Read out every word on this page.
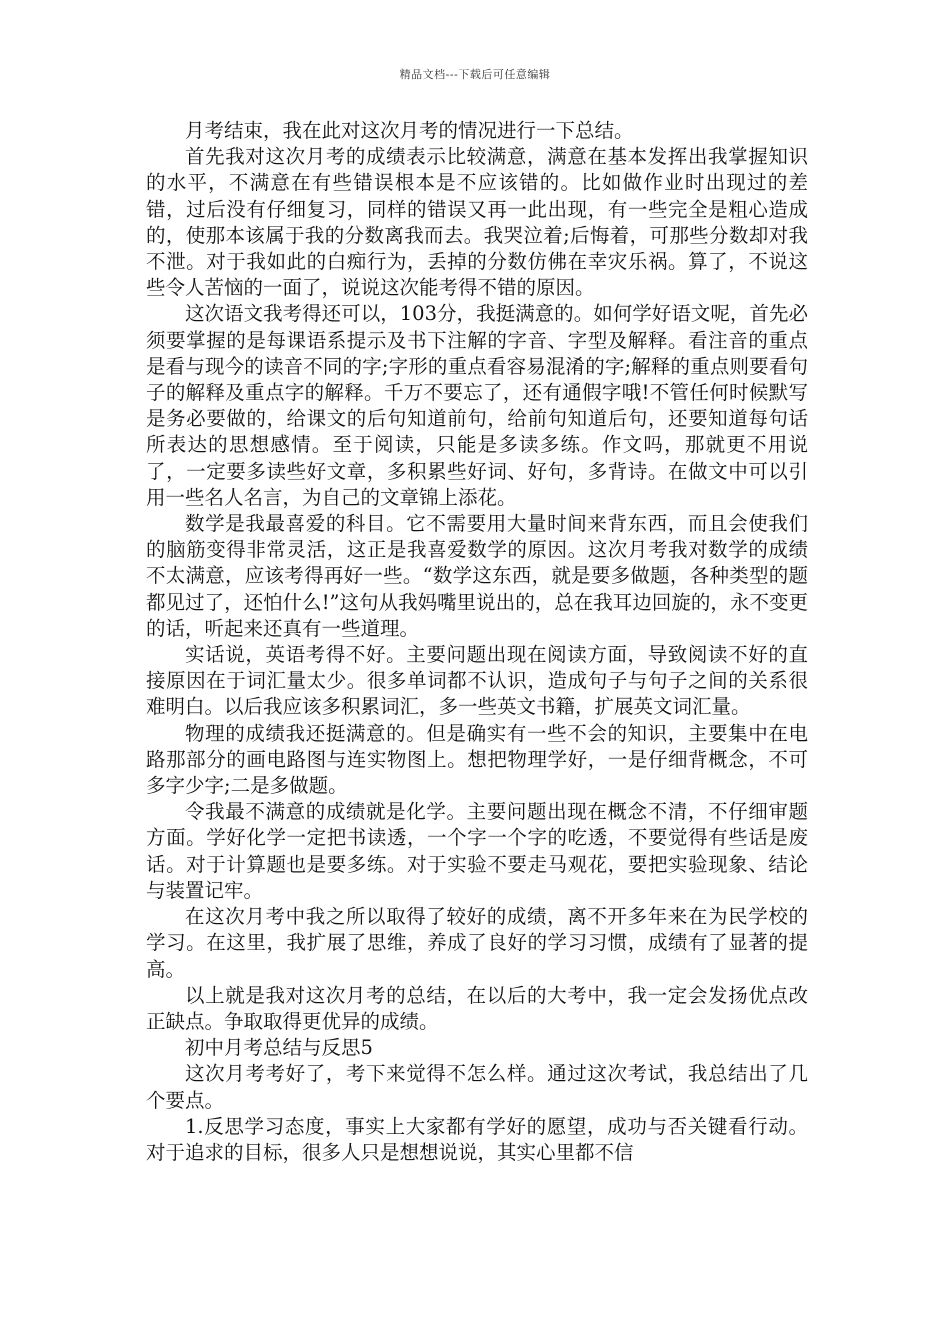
精品文档---下载后可任意编辑

月考结束，我在此对这次月考的情况进行一下总结。

首先我对这次月考的成绩表示比较满意，满意在基本发挥出我掌握知识的水平，不满意在有些错误根本是不应该错的。比如做作业时出现过的差错，过后没有仔细复习，同样的错误又再一此出现，有一些完全是粗心造成的，使那本该属于我的分数离我而去。我哭泣着;后悔着，可那些分数却对我不泄。对于我如此的白痴行为，丢掉的分数仿佛在幸灾乐祸。算了，不说这些令人苦恼的一面了，说说这次能考得不错的原因。

这次语文我考得还可以，103分，我挺满意的。如何学好语文呢，首先必须要掌握的是每课语系提示及书下注解的字音、字型及解释。看注音的重点是看与现今的读音不同的字;字形的重点看容易混淆的字;解释的重点则要看句子的解释及重点字的解释。千万不要忘了，还有通假字哦!不管任何时候默写是务必要做的，给课文的后句知道前句，给前句知道后句，还要知道每句话所表达的思想感情。至于阅读，只能是多读多练。作文吗，那就更不用说了，一定要多读些好文章，多积累些好词、好句，多背诗。在做文中可以引用一些名人名言，为自己的文章锦上添花。

数学是我最喜爱的科目。它不需要用大量时间来背东西，而且会使我们的脑筋变得非常灵活，这正是我喜爱数学的原因。这次月考我对数学的成绩不太满意，应该考得再好一些。“数学这东西，就是要多做题，各种类型的题都见过了，还怕什么!”这句从我妈嘴里说出的，总在我耳边回旋的，永不变更的话，听起来还真有一些道理。

实话说，英语考得不好。主要问题出现在阅读方面，导致阅读不好的直接原因在于词汇量太少。很多单词都不认识，造成句子与句子之间的关系很难明白。以后我应该多积累词汇，多一些英文书籍，扩展英文词汇量。

物理的成绩我还挺满意的。但是确实有一些不会的知识，主要集中在电路那部分的画电路图与连实物图上。想把物理学好，一是仔细背概念，不可多字少字;二是多做题。

令我最不满意的成绩就是化学。主要问题出现在概念不清，不仔细审题方面。学好化学一定把书读透，一个字一个字的吃透，不要觉得有些话是废话。对于计算题也是要多练。对于实验不要走马观花，要把实验现象、结论与装置记牢。

在这次月考中我之所以取得了较好的成绩，离不开多年来在为民学校的学习。在这里，我扩展了思维，养成了良好的学习习惯，成绩有了显著的提高。

以上就是我对这次月考的总结，在以后的大考中，我一定会发扬优点改正缺点。争取取得更优异的成绩。

初中月考总结与反思5

这次月考考好了，考下来觉得不怎么样。通过这次考试，我总结出了几个要点。

1.反思学习态度，事实上大家都有学好的愿望，成功与否关键看行动。对于追求的目标，很多人只是想想说说，其实心里都不信
